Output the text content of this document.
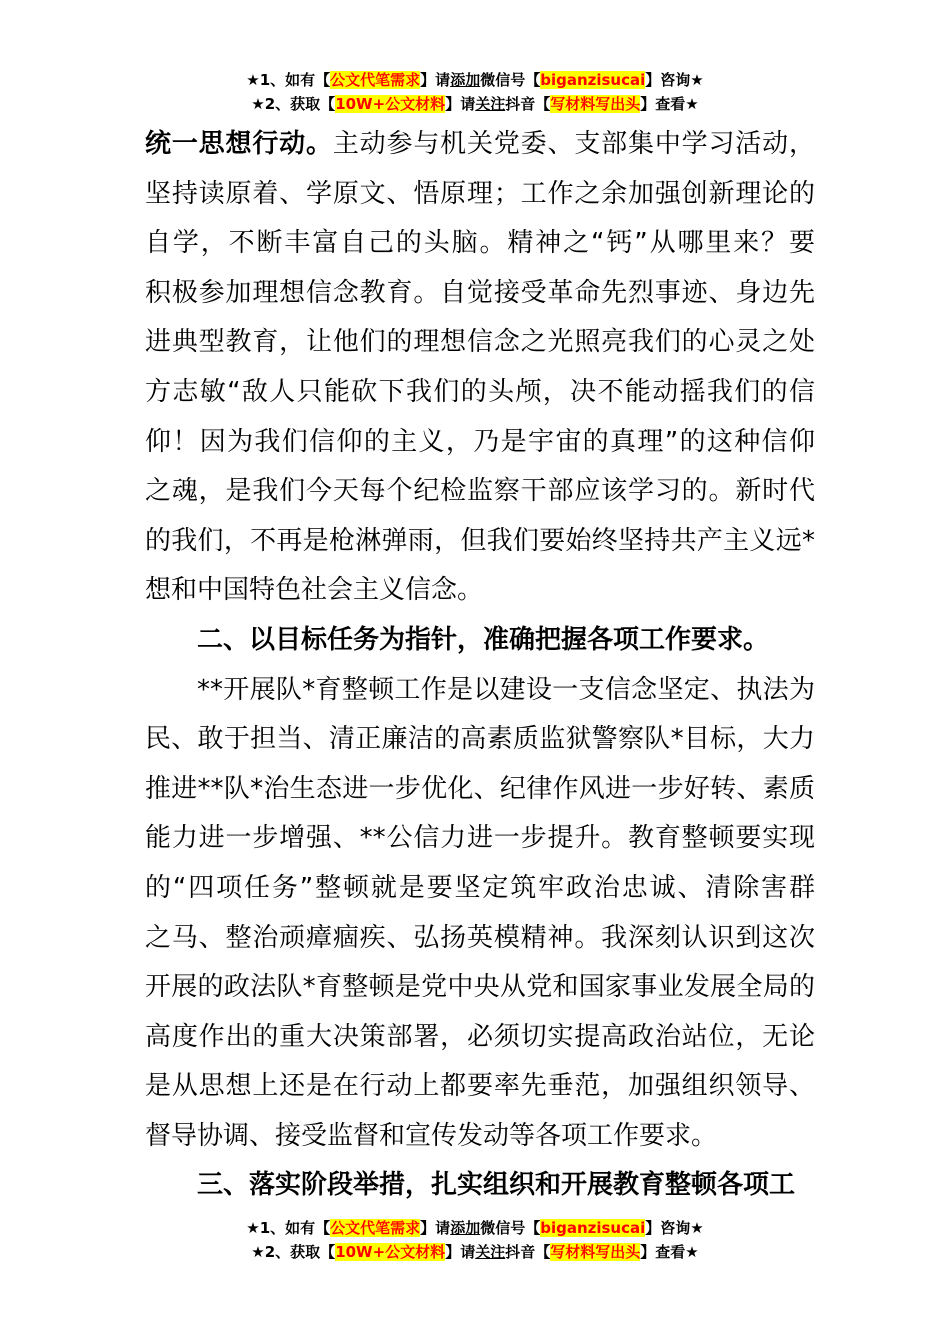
★1、如有【公文代笔需求】请添加微信号【biganzisucai】咨询★
★2、获取【10W+公文材料】请关注抖音【写材料写出头】查看★
统一思想行动。主动参与机关党委、支部集中学习活动，
坚持读原着、学原文、悟原理；工作之余加强创新理论的
自学，不断丰富自己的头脑。精神之“钙”从哪里来？要
积极参加理想信念教育。自觉接受革命先烈事迹、身边先
进典型教育，让他们的理想信念之光照亮我们的心灵之处
方志敏“敌人只能砍下我们的头颅，决不能动摇我们的信
仰！因为我们信仰的主义，乃是宇宙的真理”的这种信仰
之魂，是我们今天每个纪检监察干部应该学习的。新时代
的我们，不再是枪淋弹雨，但我们要始终坚持共产主义远*
想和中国特色社会主义信念。
二、以目标任务为指针，准确把握各项工作要求。
**开展队*育整顿工作是以建设一支信念坚定、执法为
民、敢于担当、清正廉洁的高素质监狱警察队*目标，大力
推进**队*治生态进一步优化、纪律作风进一步好转、素质
能力进一步增强、**公信力进一步提升。教育整顿要实现
的“四项任务”整顿就是要坚定筑牢政治忠诚、清除害群
之马、整治顽瘴痼疾、弘扬英模精神。我深刻认识到这次
开展的政法队*育整顿是党中央从党和国家事业发展全局的
高度作出的重大决策部署，必须切实提高政治站位，无论
是从思想上还是在行动上都要率先垂范，加强组织领导、
督导协调、接受监督和宣传发动等各项工作要求。
三、落实阶段举措，扎实组织和开展教育整顿各项工
★1、如有【公文代笔需求】请添加微信号【biganzisucai】咨询★
★2、获取【10W+公文材料】请关注抖音【写材料写出头】查看★
